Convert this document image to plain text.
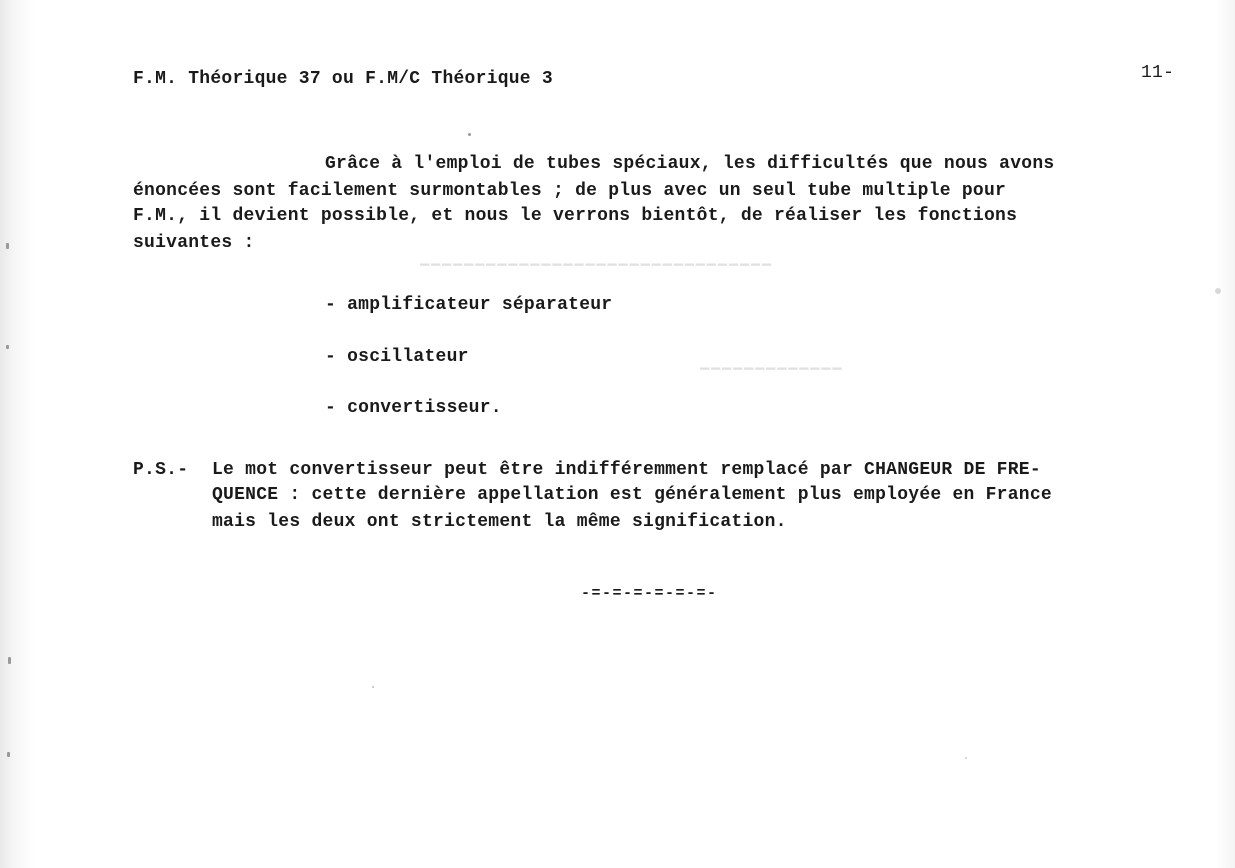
▁▁▁▁▁▁▁▁▁▁▁▁▁▁▁▁▁▁▁▁▁▁▁▁▁▁▁▁▁▁▁▁
▁▁▁▁▁▁▁▁▁▁▁▁▁
F.M. Théorique 37 ou F.M/C Théorique 3	11-
Grâce à l'emploi de tubes spéciaux, les difficultés que nous avons
énoncées sont facilement surmontables ; de plus avec un seul tube multiple pour
F.M., il devient possible, et nous le verrons bientôt, de réaliser les fonctions
suivantes :
- amplificateur séparateur
- oscillateur
- convertisseur.
P.S.- Le mot convertisseur peut être indifféremment remplacé par CHANGEUR DE FRE-
QUENCE : cette dernière appellation est généralement plus employée en France
mais les deux ont strictement la même signification.
-=-=-=-=-=-=-
